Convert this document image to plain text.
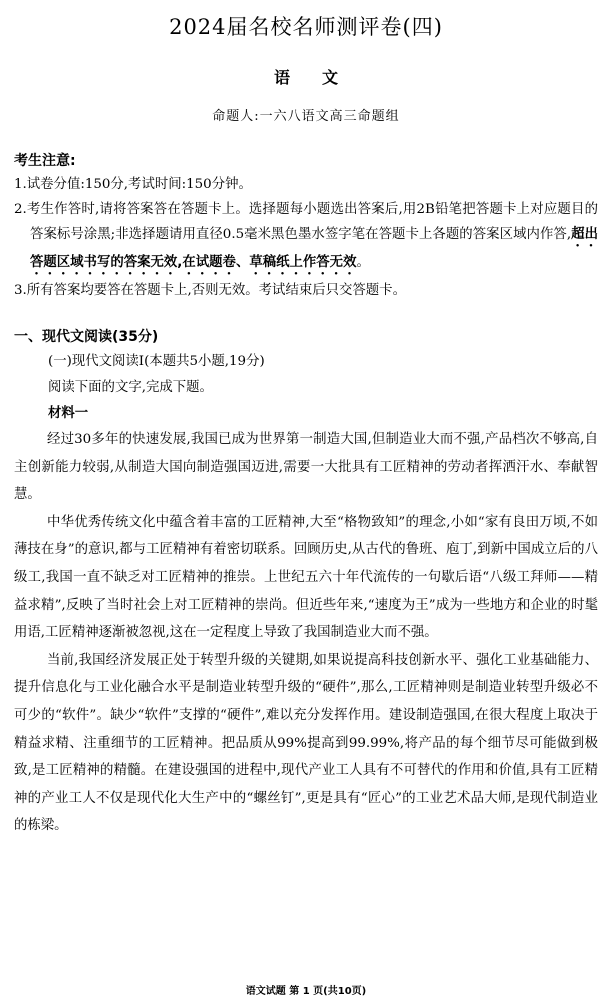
2024届名校名师测评卷(四)
语 文
命题人:一六八语文高三命题组
考生注意:
1.试卷分值:150分,考试时间:150分钟。
2.考生作答时,请将答案答在答题卡上。选择题每小题选出答案后,用2B铅笔把答题卡上对应题目的答案标号涂黑;非选择题请用直径0.5毫米黑色墨水签字笔在答题卡上各题的答案区域内作答,超出答题区域书写的答案无效,在试题卷、草稿纸上作答无效。
3.所有答案均要答在答题卡上,否则无效。考试结束后只交答题卡。
一、现代文阅读(35分)
(一)现代文阅读Ⅰ(本题共5小题,19分)
阅读下面的文字,完成下题。
材料一

经过30多年的快速发展,我国已成为世界第一制造大国,但制造业大而不强,产品档次不够高,自主创新能力较弱,从制造大国向制造强国迈进,需要一大批具有工匠精神的劳动者挥洒汗水、奉献智慧。

中华优秀传统文化中蕴含着丰富的工匠精神,大至“格物致知”的理念,小如“家有良田万顷,不如薄技在身”的意识,都与工匠精神有着密切联系。回顾历史,从古代的鲁班、庖丁,到新中国成立后的八级工,我国一直不缺乏对工匠精神的推崇。上世纪五六十年代流传的一句歇后语“八级工拜师——精益求精”,反映了当时社会上对工匠精神的崇尚。但近些年来,“速度为王”成为一些地方和企业的时髦用语,工匠精神逐渐被忽视,这在一定程度上导致了我国制造业大而不强。

当前,我国经济发展正处于转型升级的关键期,如果说提高科技创新水平、强化工业基础能力、提升信息化与工业化融合水平是制造业转型升级的“硬件”,那么,工匠精神则是制造业转型升级必不可少的“软件”。缺少“软件”支撑的“硬件”,难以充分发挥作用。建设制造强国,在很大程度上取决于精益求精、注重细节的工匠精神。把品质从99%提高到99.99%,将产品的每个细节尽可能做到极致,是工匠精神的精髓。在建设强国的进程中,现代产业工人具有不可替代的作用和价值,具有工匠精神的产业工人不仅是现代化大生产中的“螺丝钉”,更是具有“匠心”的工业艺术品大师,是现代制造业的栋梁。

语文试题 第 1 页(共10页)
